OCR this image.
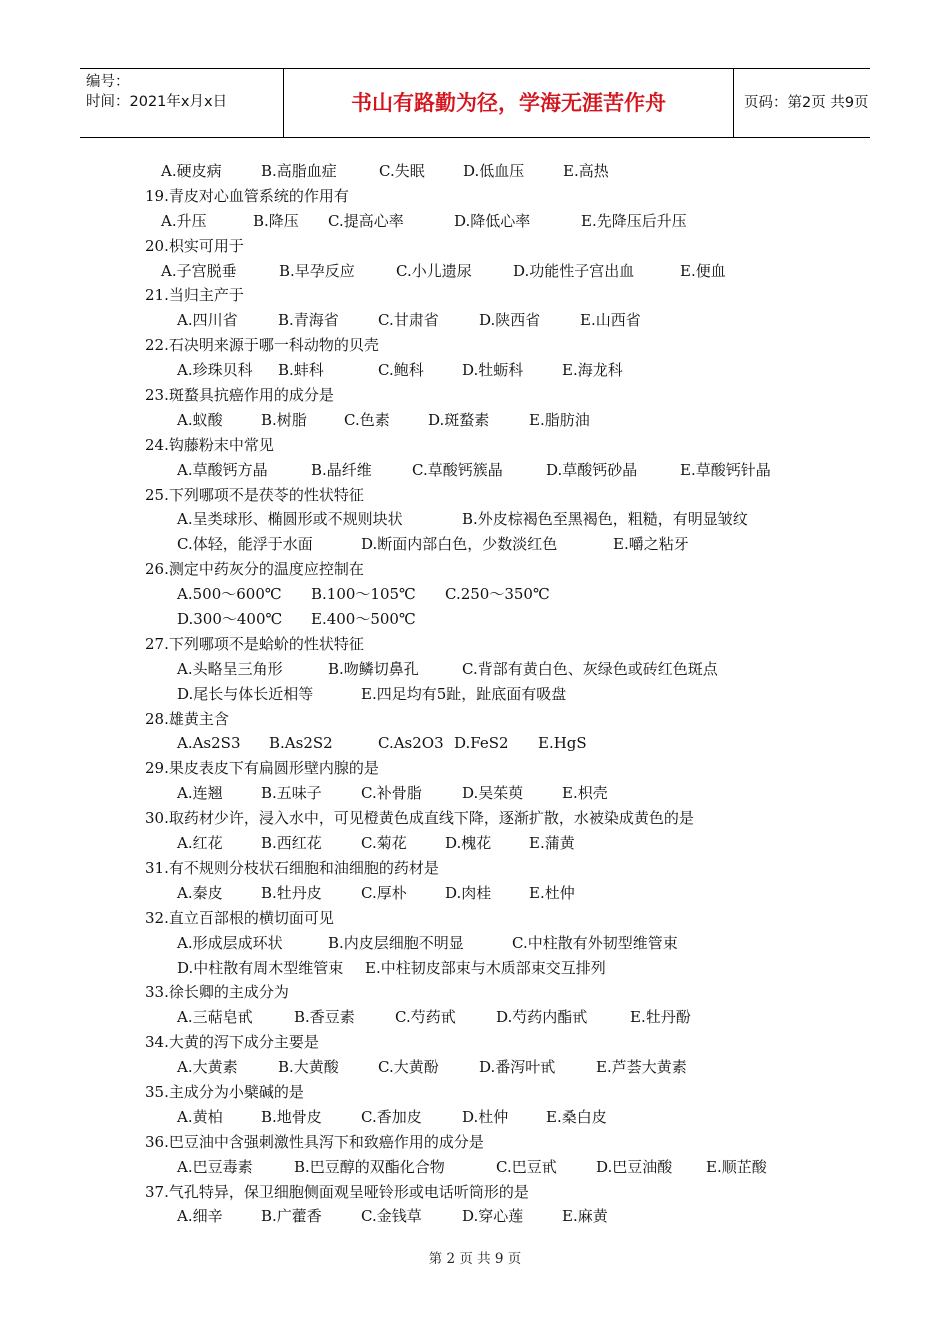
编号：
时间：2021年x月x日	书山有路勤为径，学海无涯苦作舟	页码：第2页 共9页
A.硬皮病	B.高脂血症	C.失眠	D.低血压	E.高热
19.青皮对心血管系统的作用有
A.升压	B.降压 C.提高心率	D.降低心率	E.先降压后升压
20.枳实可用于
A.子宫脱垂	B.早孕反应	C.小儿遗尿	D.功能性子宫出血	E.便血
21.当归主产于
A.四川省	B.青海省	C.甘肃省	D.陕西省	E.山西省
22.石决明来源于哪一科动物的贝壳
A.珍珠贝科 B.蚌科	C.鲍科	D.牡蛎科	E.海龙科
23.斑蝥具抗癌作用的成分是
A.蚁酸	B.树脂 C.色素	D.斑蝥素	E.脂肪油
24.钩藤粉末中常见
A.草酸钙方晶	B.晶纤维	C.草酸钙簇晶	D.草酸钙砂晶	E.草酸钙针晶
25.下列哪项不是茯苓的性状特征
A.呈类球形、椭圆形或不规则块状	B.外皮棕褐色至黑褐色，粗糙，有明显皱纹
C.体轻，能浮于水面	D.断面内部白色，少数淡红色	E.嚼之粘牙
26.测定中药灰分的温度应控制在
A.500～600℃ B.100～105℃ C.250～350℃
D.300～400℃ E.400～500℃
27.下列哪项不是蛤蚧的性状特征
A.头略呈三角形	B.吻鳞切鼻孔	C.背部有黄白色、灰绿色或砖红色斑点
D.尾长与体长近相等	E.四足均有5趾，趾底面有吸盘
28.雄黄主含
A.As2S3 B.As2S2	C.As2O3 D.FeS2 E.HgS
29.果皮表皮下有扁圆形壁内腺的是
A.连翘	B.五味子	C.补骨脂	D.吴茱萸	E.枳壳
30.取药材少许，浸入水中，可见橙黄色成直线下降，逐渐扩散，水被染成黄色的是
A.红花	B.西红花	C.菊花	D.槐花	E.蒲黄
31.有不规则分枝状石细胞和油细胞的药材是
A.秦皮	B.牡丹皮	C.厚朴	D.肉桂	E.杜仲
32.直立百部根的横切面可见
A.形成层成环状	B.内皮层细胞不明显	C.中柱散有外韧型维管束
D.中柱散有周木型维管束 E.中柱韧皮部束与木质部束交互排列
33.徐长卿的主成分为
A.三萜皂甙	B.香豆素	C.芍药甙	D.芍药内酯甙	E.牡丹酚
34.大黄的泻下成分主要是
A.大黄素	B.大黄酸	C.大黄酚	D.番泻叶甙	E.芦荟大黄素
35.主成分为小檗碱的是
A.黄柏	B.地骨皮	C.香加皮	D.杜仲	E.桑白皮
36.巴豆油中含强刺激性具泻下和致癌作用的成分是
A.巴豆毒素	B.巴豆醇的双酯化合物	C.巴豆甙	D.巴豆油酸 E.顺芷酸
37.气孔特异，保卫细胞侧面观呈哑铃形或电话听筒形的是
A.细辛	B.广藿香	C.金钱草	D.穿心莲	E.麻黄
第 2 页 共 9 页
